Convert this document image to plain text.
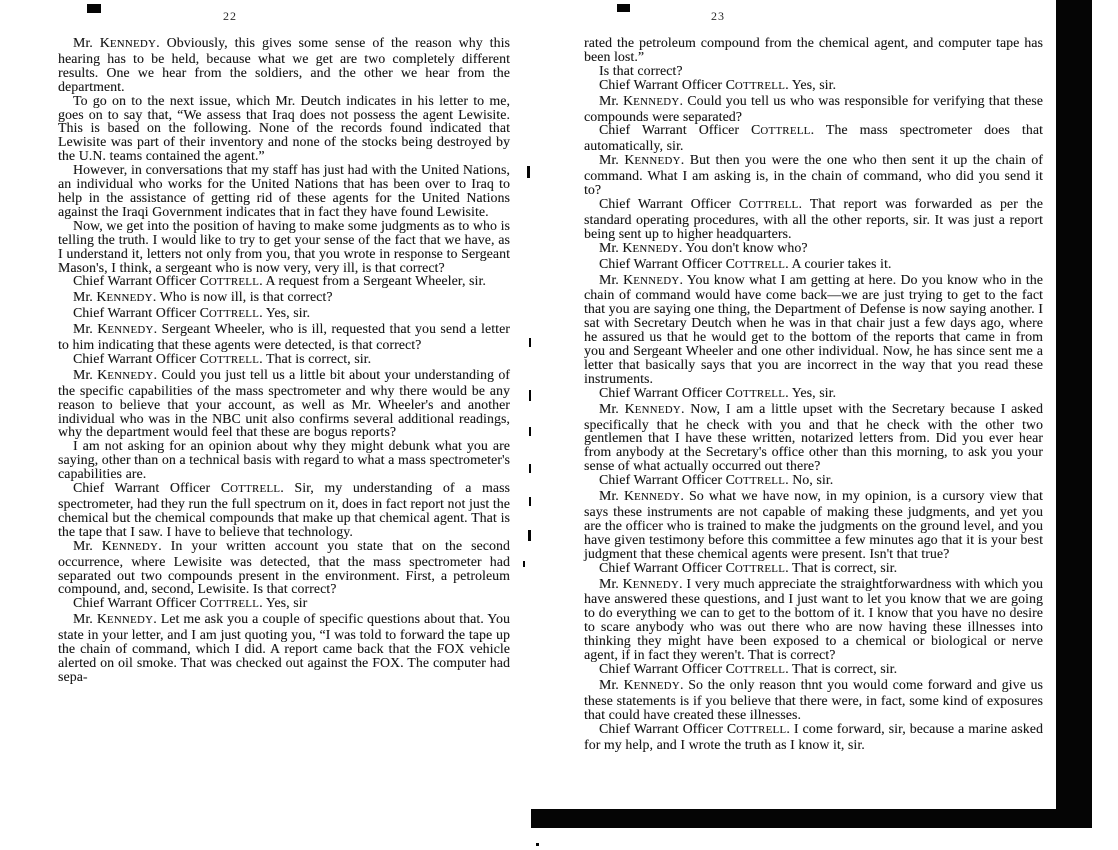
22	23

Mr. KENNEDY. Obviously, this gives some sense of the reason why this hearing has to be held, because what we get are two completely different results. One we hear from the soldiers, and the other we hear from the department.

To go on to the next issue, which Mr. Deutch indicates in his letter to me, goes on to say that, “We assess that Iraq does not possess the agent Lewisite. This is based on the following. None of the records found indicated that Lewisite was part of their inventory and none of the stocks being destroyed by the U.N. teams contained the agent.”

However, in conversations that my staff has just had with the United Nations, an individual who works for the United Nations that has been over to Iraq to help in the assistance of getting rid of these agents for the United Nations against the Iraqi Government indicates that in fact they have found Lewisite.

Now, we get into the position of having to make some judgments as to who is telling the truth. I would like to try to get your sense of the fact that we have, as I understand it, letters not only from you, that you wrote in response to Sergeant Mason's, I think, a sergeant who is now very, very ill, is that correct?

Chief Warrant Officer COTTRELL. A request from a Sergeant Wheeler, sir.

Mr. KENNEDY. Who is now ill, is that correct?

Chief Warrant Officer COTTRELL. Yes, sir.

Mr. KENNEDY. Sergeant Wheeler, who is ill, requested that you send a letter to him indicating that these agents were detected, is that correct?

Chief Warrant Officer COTTRELL. That is correct, sir.

Mr. KENNEDY. Could you just tell us a little bit about your understanding of the specific capabilities of the mass spectrometer and why there would be any reason to believe that your account, as well as Mr. Wheeler's and another individual who was in the NBC unit also confirms several additional readings, why the department would feel that these are bogus reports?

I am not asking for an opinion about why they might debunk what you are saying, other than on a technical basis with regard to what a mass spectrometer's capabilities are.

Chief Warrant Officer COTTRELL. Sir, my understanding of a mass spectrometer, had they run the full spectrum on it, does in fact report not just the chemical but the chemical compounds that make up that chemical agent. That is the tape that I saw. I have to believe that technology.

Mr. KENNEDY. In your written account you state that on the second occurrence, where Lewisite was detected, that the mass spectrometer had separated out two compounds present in the environment. First, a petroleum compound, and, second, Lewisite. Is that correct?

Chief Warrant Officer COTTRELL. Yes, sir

Mr. KENNEDY. Let me ask you a couple of specific questions about that. You state in your letter, and I am just quoting you, “I was told to forward the tape up the chain of command, which I did. A report came back that the FOX vehicle alerted on oil smoke. That was checked out against the FOX. The computer had sepa-

rated the petroleum compound from the chemical agent, and computer tape has been lost.”

Is that correct?

Chief Warrant Officer COTTRELL. Yes, sir.

Mr. KENNEDY. Could you tell us who was responsible for verifying that these compounds were separated?

Chief Warrant Officer COTTRELL. The mass spectrometer does that automatically, sir.

Mr. KENNEDY. But then you were the one who then sent it up the chain of command. What I am asking is, in the chain of command, who did you send it to?

Chief Warrant Officer COTTRELL. That report was forwarded as per the standard operating procedures, with all the other reports, sir. It was just a report being sent up to higher headquarters.

Mr. KENNEDY. You don't know who?

Chief Warrant Officer COTTRELL. A courier takes it.

Mr. KENNEDY. You know what I am getting at here. Do you know who in the chain of command would have come back—we are just trying to get to the fact that you are saying one thing, the Department of Defense is now saying another. I sat with Secretary Deutch when he was in that chair just a few days ago, where he assured us that he would get to the bottom of the reports that came in from you and Sergeant Wheeler and one other individual. Now, he has since sent me a letter that basically says that you are incorrect in the way that you read these instruments.

Chief Warrant Officer COTTRELL. Yes, sir.

Mr. KENNEDY. Now, I am a little upset with the Secretary because I asked specifically that he check with you and that he check with the other two gentlemen that I have these written, notarized letters from. Did you ever hear from anybody at the Secretary's office other than this morning, to ask you your sense of what actually occurred out there?

Chief Warrant Officer COTTRELL. No, sir.

Mr. KENNEDY. So what we have now, in my opinion, is a cursory view that says these instruments are not capable of making these judgments, and yet you are the officer who is trained to make the judgments on the ground level, and you have given testimony before this committee a few minutes ago that it is your best judgment that these chemical agents were present. Isn't that true?

Chief Warrant Officer COTTRELL. That is correct, sir.

Mr. KENNEDY. I very much appreciate the straightforwardness with which you have answered these questions, and I just want to let you know that we are going to do everything we can to get to the bottom of it. I know that you have no desire to scare anybody who was out there who are now having these illnesses into thinking they might have been exposed to a chemical or biological or nerve agent, if in fact they weren't. That is correct?

Chief Warrant Officer COTTRELL. That is correct, sir.

Mr. KENNEDY. So the only reason thnt you would come forward and give us these statements is if you believe that there were, in fact, some kind of exposures that could have created these illnesses.

Chief Warrant Officer COTTRELL. I come forward, sir, because a marine asked for my help, and I wrote the truth as I know it, sir.
